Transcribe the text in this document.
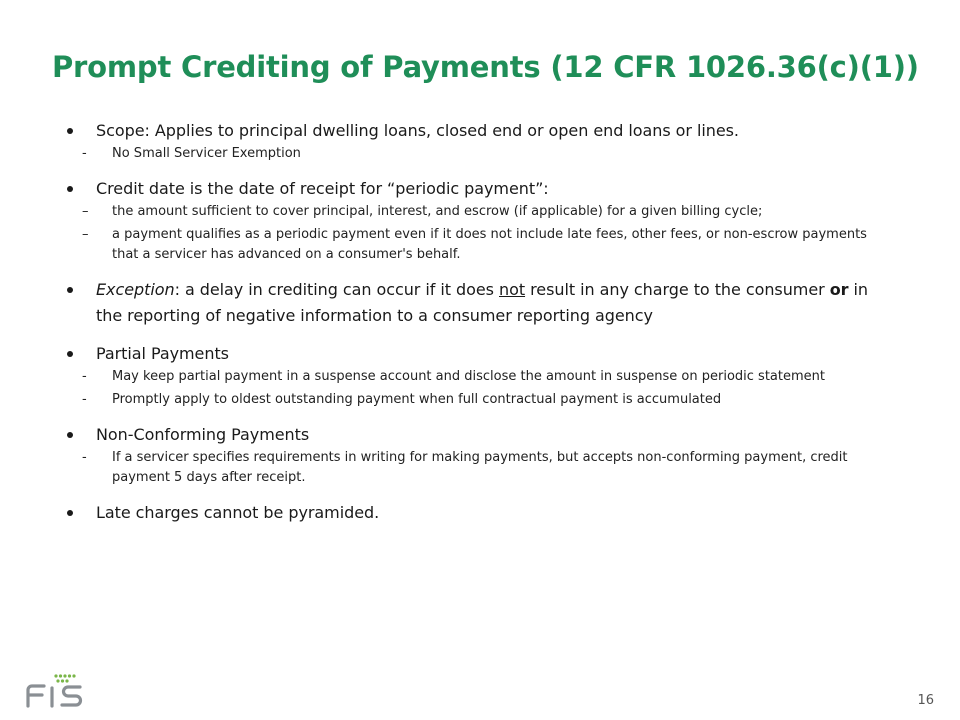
Prompt Crediting of Payments (12 CFR 1026.36(c)(1))
Scope: Applies to principal dwelling loans, closed end or open end loans or lines.
- No Small Servicer Exemption
Credit date is the date of receipt for “periodic payment”:
– the amount sufficient to cover principal, interest, and escrow (if applicable) for a given billing cycle;
– a payment qualifies as a periodic payment even if it does not include late fees, other fees, or non-escrow payments that a servicer has advanced on a consumer's behalf.
Exception: a delay in crediting can occur if it does not result in any charge to the consumer or in the reporting of negative information to a consumer reporting agency
Partial Payments
- May keep partial payment in a suspense account and disclose the amount in suspense on periodic statement
- Promptly apply to oldest outstanding payment when full contractual payment is accumulated
Non-Conforming Payments
- If a servicer specifies requirements in writing for making payments, but accepts non-conforming payment, credit payment 5 days after receipt.
Late charges cannot be pyramided.
16
